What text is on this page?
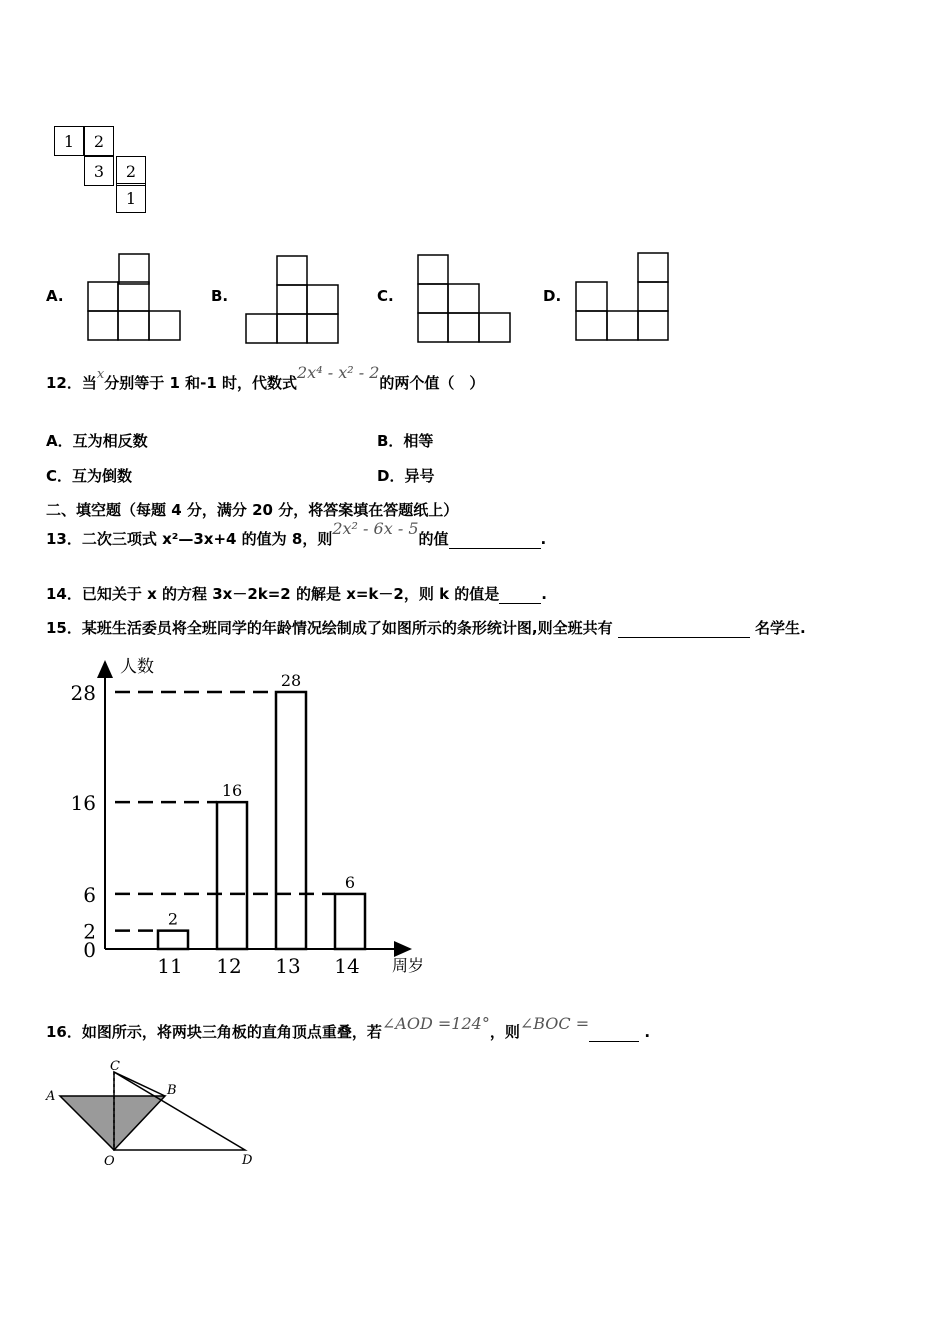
1	2
3	2
1
A.	B.	C.	D.
12．当x分别等于 1 和-1 时，代数式2x⁴ - x² - 2的两个值（　）
A．互为相反数	B．相等
C．互为倒数	D．异号
二、填空题（每题 4 分，满分 20 分，将答案填在答题纸上）
13．二次三项式 x²—3x+4 的值为 8，则2x² - 6x - 5的值	.
14．已知关于 x 的方程 3x－2k=2 的解是 x=k－2，则 k 的值是	.
15．某班生活委员将全班同学的年龄情况绘制成了如图所示的条形统计图,则全班共有	名学生.
人数
周岁
0
2
6
16
28
2
11
16
12
28
13
6
14
16．如图所示，将两块三角板的直角顶点重叠，若∠AOD =124°，则∠BOC =	.
A	B
C
O	D
